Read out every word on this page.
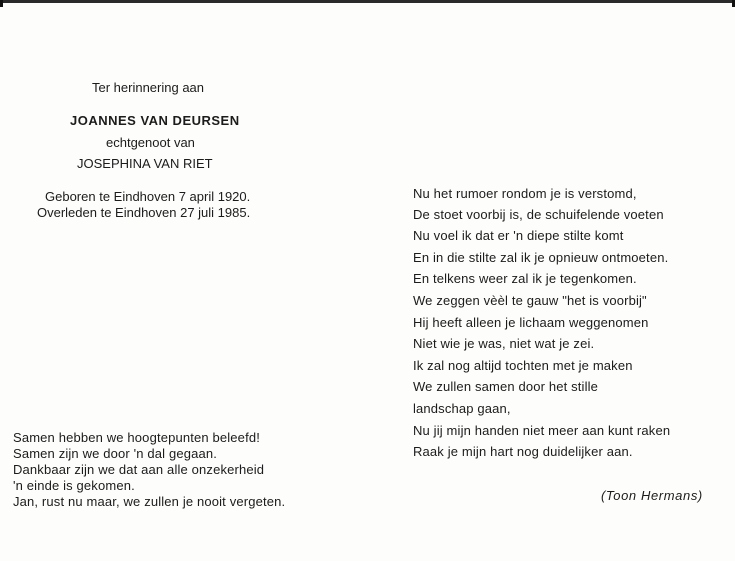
Ter herinnering aan
JOANNES VAN DEURSEN
echtgenoot van
JOSEPHINA VAN RIET
Geboren te Eindhoven 7 april 1920.
Overleden te Eindhoven 27 juli 1985.
Samen hebben we hoogtepunten beleefd!
Samen zijn we door 'n dal gegaan.
Dankbaar zijn we dat aan alle onzekerheid
'n einde is gekomen.
Jan, rust nu maar, we zullen je nooit vergeten.
Nu het rumoer rondom je is verstomd,
De stoet voorbij is, de schuifelende voeten
Nu voel ik dat er 'n diepe stilte komt
En in die stilte zal ik je opnieuw ontmoeten.
En telkens weer zal ik je tegenkomen.
We zeggen vèèl te gauw "het is voorbij"
Hij heeft alleen je lichaam weggenomen
Niet wie je was, niet wat je zei.
Ik zal nog altijd tochten met je maken
We zullen samen door het stille
landschap gaan,
Nu jij mijn handen niet meer aan kunt raken
Raak je mijn hart nog duidelijker aan.
(Toon Hermans)
